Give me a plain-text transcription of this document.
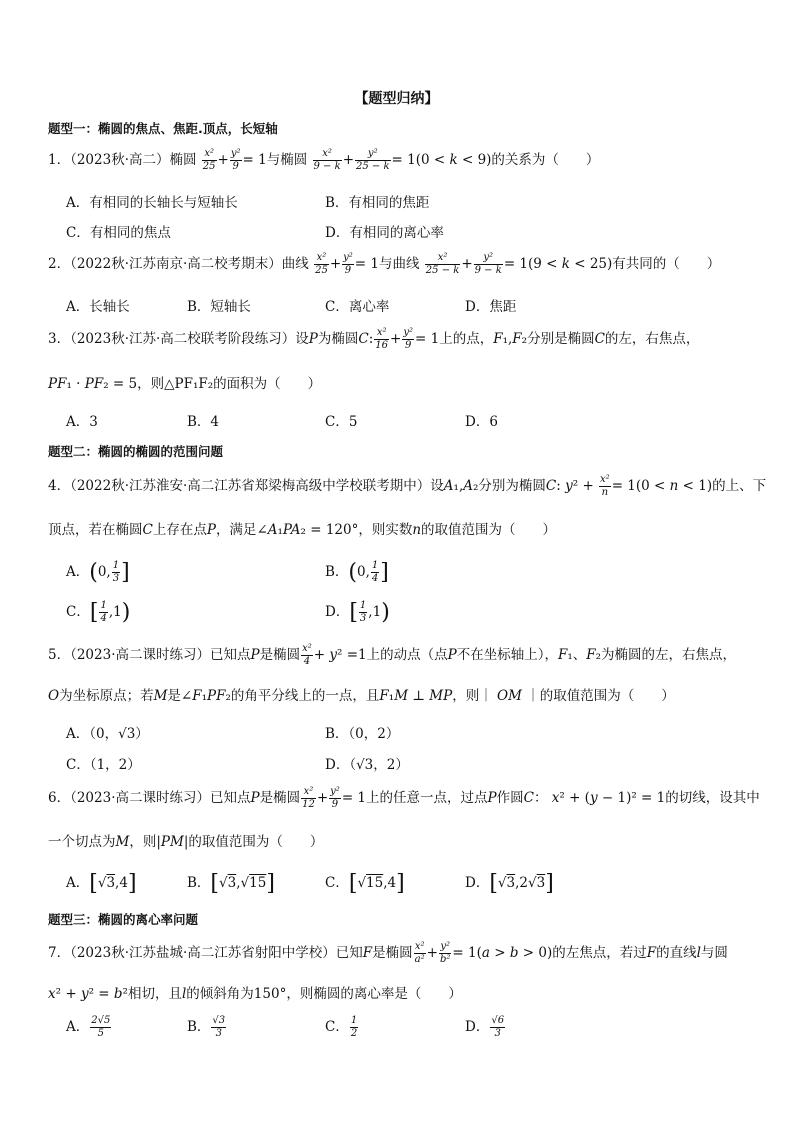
【题型归纳】
题型一：椭圆的焦点、焦距.顶点，长短轴
1．（2023秋·高二）椭圆 $\frac{\text{x²}}{25} + \frac{\text{y²}}{9} = 1$与椭圆 $\frac{\text{x²}}{9 - k} + \frac{\text{y²}}{25 - k} = 1(0 < k < 9)$的关系为（　　）
A．有相同的长轴长与短轴长	B．有相同的焦距
C．有相同的焦点	D．有相同的离心率
2．（2022秋·江苏南京·高二校考期末）曲线 $\frac{\text{x²}}{25} + \frac{\text{y²}}{9} = 1$与曲线 $\frac{\text{x²}}{25 - k} + \frac{\text{y²}}{9 - k} = 1(9 < k < 25)$有共同的（　　）
A．长轴长	B．短轴长	C．离心率	D．焦距
3．（2023秋·江苏·高二校联考阶段练习）设P为椭圆C: $\frac{\text{x²}}{16} + \frac{\text{y²}}{9} = 1$上的点，F₁,F₂分别是椭圆C的左，右焦点，
PF₁ · PF₂ = 5，则△PF₁F₂的面积为（　　）
A．3	B．4	C．5	D．6
题型二：椭圆的椭圆的范围问题
4．（2022秋·江苏淮安·高二江苏省郑梁梅高级中学校联考期中）设A₁,A₂分别为椭圆C: $y^2 + \frac{\text{x²}}{n} = 1(0 < n < 1)$的上、下
顶点，若在椭圆C上存在点P，满足∠A₁PA₂ = 120°，则实数n的取值范围为（　　）
A．(0, $\frac{1}{3}$ ]	B．(0, $\frac{1}{4}$ ]
C．[ $\frac{1}{4} ,1$)	D．[ $\frac{1}{3} ,1$)
5．（2023·高二课时练习）已知点P是椭圆 $\frac{\text{x²}}{4} + y^2 =1$上的动点（点P不在坐标轴上），F₁、F₂为椭圆的左，右焦点，
O为坐标原点；若M是∠F₁PF₂的角平分线上的一点，且F₁M ⊥ MP，则｜ OM ｜的取值范围为（　　）
A．（0，√3）	B．（0，2）
C．（1，2）	D．（√3，2）
6．（2023·高二课时练习）已知点P是椭圆 $\frac{\text{x²}}{12} + \frac{\text{y²}}{9} = 1$上的任意一点，过点P作圆C： x² + (y − 1)² = 1的切线，设其中
一个切点为M，则|PM|的取值范围为（　　）
A．[√3,4]	B．[√3,√15]	C．[√15,4]	D．[√3,2√3]
题型三：椭圆的离心率问题
7．（2023秋·江苏盐城·高二江苏省射阳中学校）已知F是椭圆 $\frac{\text{x²}}{\text{a²}} + \frac{\text{y²}}{\text{b²}} = 1(a > b > 0)$的左焦点，若过F的直线l与圆
x² + y² = b²相切，且l的倾斜角为150°，则椭圆的离心率是（　　）
A． $\frac{2√5}{5}$	B． $\frac{√3}{3}$	C． $\frac{1}{2}$	D． $\frac{√6}{3}$
